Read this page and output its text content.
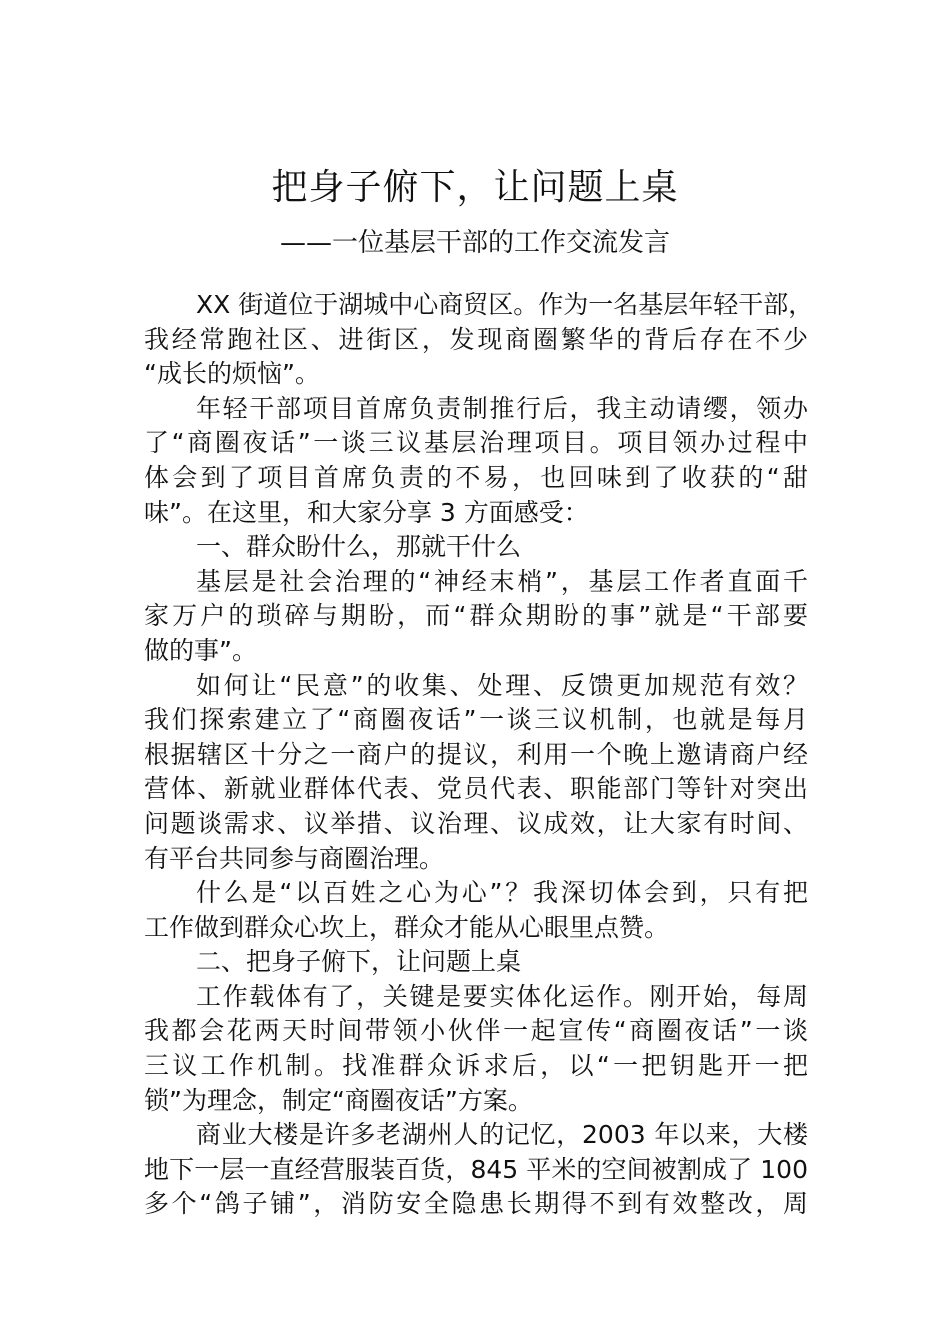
把身子俯下，让问题上桌
——一位基层干部的工作交流发言
XX 街道位于湖城中心商贸区。作为一名基层年轻干部，
我经常跑社区、进街区，发现商圈繁华的背后存在不少
“成长的烦恼”。
年轻干部项目首席负责制推行后，我主动请缨，领办
了“商圈夜话”一谈三议基层治理项目。项目领办过程中
体会到了项目首席负责的不易，也回味到了收获的“甜
味”。在这里，和大家分享 3 方面感受：
一、群众盼什么，那就干什么
基层是社会治理的“神经末梢”，基层工作者直面千
家万户的琐碎与期盼，而“群众期盼的事”就是“干部要
做的事”。
如何让“民意”的收集、处理、反馈更加规范有效？
我们探索建立了“商圈夜话”一谈三议机制，也就是每月
根据辖区十分之一商户的提议，利用一个晚上邀请商户经
营体、新就业群体代表、党员代表、职能部门等针对突出
问题谈需求、议举措、议治理、议成效，让大家有时间、
有平台共同参与商圈治理。
什么是“以百姓之心为心”？我深切体会到，只有把
工作做到群众心坎上，群众才能从心眼里点赞。
二、把身子俯下，让问题上桌
工作载体有了，关键是要实体化运作。刚开始，每周
我都会花两天时间带领小伙伴一起宣传“商圈夜话”一谈
三议工作机制。找准群众诉求后，以“一把钥匙开一把
锁”为理念，制定“商圈夜话”方案。
商业大楼是许多老湖州人的记忆，2003 年以来，大楼
地下一层一直经营服装百货，845 平米的空间被割成了 100
多个“鸽子铺”，消防安全隐患长期得不到有效整改，周
